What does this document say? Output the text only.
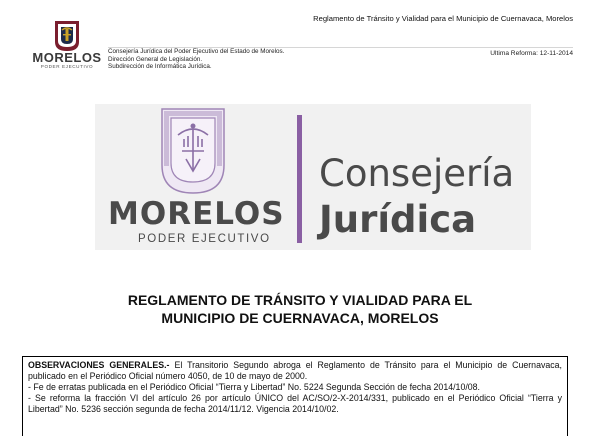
Reglamento de Tránsito y Vialidad para el Municipio de Cuernavaca, Morelos
MORELOS
PODER EJECUTIVO
Consejería Jurídica del Poder Ejecutivo del Estado de Morelos.
Dirección General de Legislación.
Subdirección de Informática Jurídica.
Ultima Reforma: 12-11-2014
MORELOS
PODER EJECUTIVO
Consejería
Jurídica
REGLAMENTO DE TRÁNSITO Y VIALIDAD PARA EL
MUNICIPIO DE CUERNAVACA, MORELOS
OBSERVACIONES GENERALES.- El Transitorio Segundo abroga el Reglamento de Tránsito para el Municipio de Cuernavaca, publicado en el Periódico Oficial número 4050, de 10 de mayo de 2000.
- Fe de erratas publicada en el Periódico Oficial “Tierra y Libertad” No. 5224 Segunda Sección de fecha 2014/10/08.
- Se reforma la fracción VI del artículo 26 por artículo ÚNICO del AC/SO/2-X-2014/331, publicado en el Periódico Oficial “Tierra y Libertad” No. 5236 sección segunda de fecha 2014/11/12. Vigencia 2014/10/02.
